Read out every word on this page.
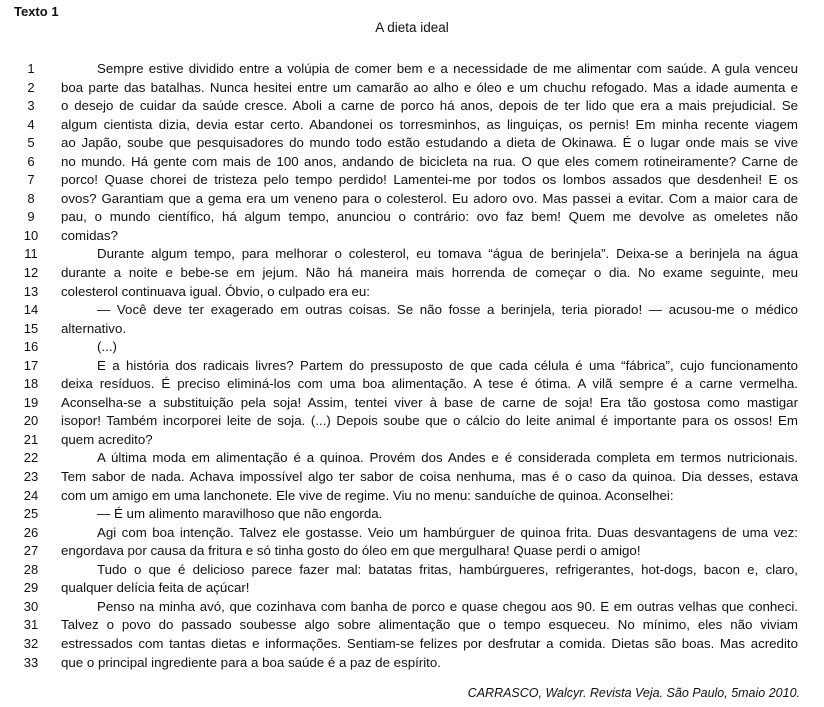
Texto 1
A dieta ideal
1	Sempre estive dividido entre a volúpia de comer bem e a necessidade de me alimentar com saúde. A gula venceu
2	boa parte das batalhas. Nunca hesitei entre um camarão ao alho e óleo e um chuchu refogado. Mas a idade aumenta e
3	o desejo de cuidar da saúde cresce. Aboli a carne de porco há anos, depois de ter lido que era a mais prejudicial. Se
4	algum cientista dizia, devia estar certo. Abandonei os torresminhos, as linguiças, os pernis! Em minha recente viagem
5	ao Japão, soube que pesquisadores do mundo todo estão estudando a dieta de Okinawa. É o lugar onde mais se vive
6	no mundo. Há gente com mais de 100 anos, andando de bicicleta na rua. O que eles comem rotineiramente? Carne de
7	porco! Quase chorei de tristeza pelo tempo perdido! Lamentei-me por todos os lombos assados que desdenhei! E os
8	ovos? Garantiam que a gema era um veneno para o colesterol. Eu adoro ovo. Mas passei a evitar. Com a maior cara de
9	pau, o mundo científico, há algum tempo, anunciou o contrário: ovo faz bem! Quem me devolve as omeletes não
10	comidas?
11	Durante algum tempo, para melhorar o colesterol, eu tomava “água de berinjela”. Deixa-se a berinjela na água
12	durante a noite e bebe-se em jejum. Não há maneira mais horrenda de começar o dia. No exame seguinte, meu
13	colesterol continuava igual. Óbvio, o culpado era eu:
14	— Você deve ter exagerado em outras coisas. Se não fosse a berinjela, teria piorado! — acusou-me o médico
15	alternativo.
16	(...)
17	E a história dos radicais livres? Partem do pressuposto de que cada célula é uma “fábrica”, cujo funcionamento
18	deixa resíduos. É preciso eliminá-los com uma boa alimentação. A tese é ótima. A vilã sempre é a carne vermelha.
19	Aconselha-se a substituição pela soja! Assim, tentei viver à base de carne de soja! Era tão gostosa como mastigar
20	isopor! Também incorporei leite de soja. (...) Depois soube que o cálcio do leite animal é importante para os ossos! Em
21	quem acredito?
22	A última moda em alimentação é a quinoa. Provém dos Andes e é considerada completa em termos nutricionais.
23	Tem sabor de nada. Achava impossível algo ter sabor de coisa nenhuma, mas é o caso da quinoa. Dia desses, estava
24	com um amigo em uma lanchonete. Ele vive de regime. Viu no menu: sanduíche de quinoa. Aconselhei:
25	— É um alimento maravilhoso que não engorda.
26	Agi com boa intenção. Talvez ele gostasse. Veio um hambúrguer de quinoa frita. Duas desvantagens de uma vez:
27	engordava por causa da fritura e só tinha gosto do óleo em que mergulhara! Quase perdi o amigo!
28	Tudo o que é delicioso parece fazer mal: batatas fritas, hambúrgueres, refrigerantes, hot-dogs, bacon e, claro,
29	qualquer delícia feita de açúcar!
30	Penso na minha avó, que cozinhava com banha de porco e quase chegou aos 90. E em outras velhas que conheci.
31	Talvez o povo do passado soubesse algo sobre alimentação que o tempo esqueceu. No mínimo, eles não viviam
32	estressados com tantas dietas e informações. Sentiam-se felizes por desfrutar a comida. Dietas são boas. Mas acredito
33	que o principal ingrediente para a boa saúde é a paz de espírito.
CARRASCO, Walcyr. Revista Veja. São Paulo, 5maio 2010.
